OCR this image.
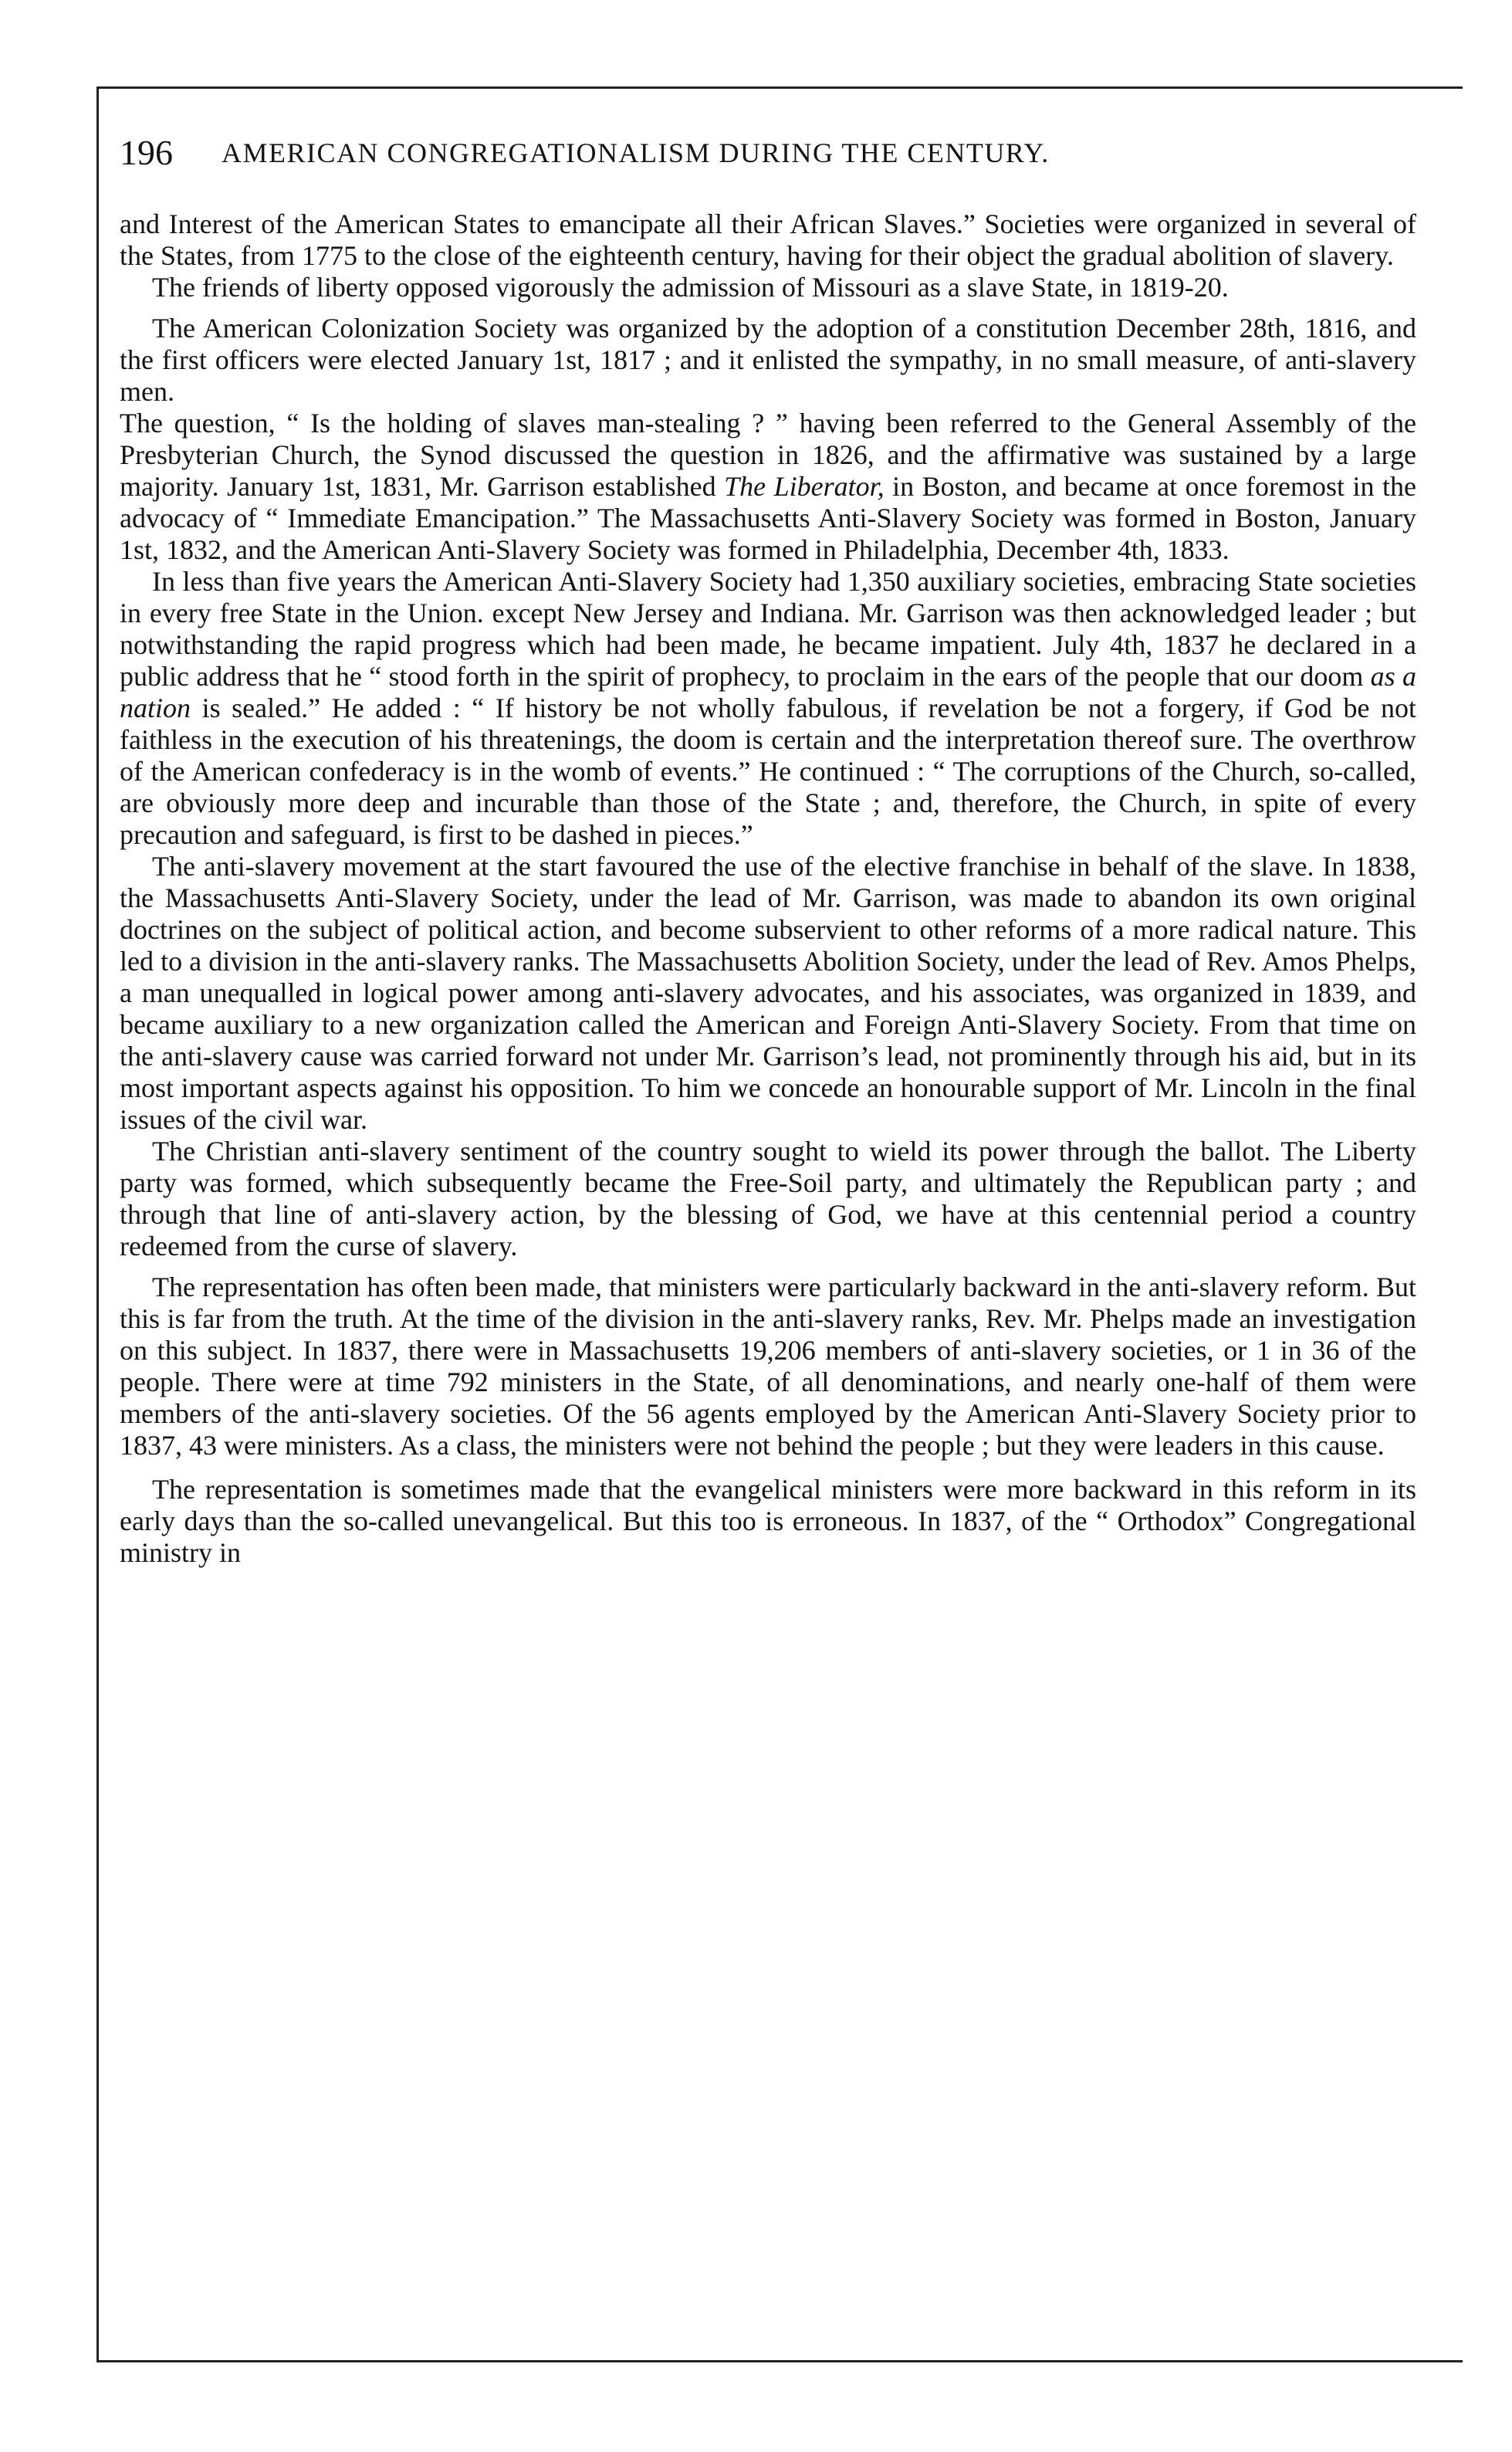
196 AMERICAN CONGREGATIONALISM DURING THE CENTURY.

and Interest of the American States to emancipate all their African Slaves.” Societies were organized in several of the States, from 1775 to the close of the eighteenth century, having for their object the gradual abolition of slavery.

The friends of liberty opposed vigorously the admission of Missouri as a slave State, in 1819-20.

The American Colonization Society was organized by the adoption of a constitution December 28th, 1816, and the first officers were elected January 1st, 1817 ; and it enlisted the sympathy, in no small measure, of anti-slavery men.

The question, “ Is the holding of slaves man-stealing ? ” having been referred to the General Assembly of the Presbyterian Church, the Synod discussed the question in 1826, and the affirmative was sustained by a large majority. January 1st, 1831, Mr. Garrison established The Liberator, in Boston, and became at once foremost in the advocacy of “ Immediate Emancipation.” The Massachusetts Anti-Slavery Society was formed in Boston, January 1st, 1832, and the American Anti-Slavery Society was formed in Philadelphia, December 4th, 1833.

In less than five years the American Anti-Slavery Society had 1,350 auxiliary societies, embracing State societies in every free State in the Union. except New Jersey and Indiana. Mr. Garrison was then acknowledged leader ; but notwithstanding the rapid progress which had been made, he became impatient. July 4th, 1837 he declared in a public address that he “ stood forth in the spirit of prophecy, to proclaim in the ears of the people that our doom as a nation is sealed.” He added : “ If history be not wholly fabulous, if revelation be not a forgery, if God be not faithless in the execution of his threatenings, the doom is certain and the interpretation thereof sure. The overthrow of the American confederacy is in the womb of events.” He continued : “ The corruptions of the Church, so-called, are obviously more deep and incurable than those of the State ; and, therefore, the Church, in spite of every precaution and safeguard, is first to be dashed in pieces.”

The anti-slavery movement at the start favoured the use of the elective franchise in behalf of the slave. In 1838, the Massachusetts Anti-Slavery Society, under the lead of Mr. Garrison, was made to abandon its own original doctrines on the subject of political action, and become subservient to other reforms of a more radical nature. This led to a division in the anti-slavery ranks. The Massachusetts Abolition Society, under the lead of Rev. Amos Phelps, a man unequalled in logical power among anti-slavery advocates, and his associates, was organized in 1839, and became auxiliary to a new organization called the American and Foreign Anti-Slavery Society. From that time on the anti-slavery cause was carried forward not under Mr. Garrison’s lead, not prominently through his aid, but in its most important aspects against his opposition. To him we concede an honourable support of Mr. Lincoln in the final issues of the civil war.

The Christian anti-slavery sentiment of the country sought to wield its power through the ballot. The Liberty party was formed, which subsequently became the Free-Soil party, and ultimately the Republican party ; and through that line of anti-slavery action, by the blessing of God, we have at this centennial period a country redeemed from the curse of slavery.

The representation has often been made, that ministers were particularly backward in the anti-slavery reform. But this is far from the truth. At the time of the division in the anti-slavery ranks, Rev. Mr. Phelps made an investigation on this subject. In 1837, there were in Massachusetts 19,206 members of anti-slavery societies, or 1 in 36 of the people. There were at time 792 ministers in the State, of all denominations, and nearly one-half of them were members of the anti-slavery societies. Of the 56 agents employed by the American Anti-Slavery Society prior to 1837, 43 were ministers. As a class, the ministers were not behind the people ; but they were leaders in this cause.

The representation is sometimes made that the evangelical ministers were more backward in this reform in its early days than the so-called unevangelical. But this too is erroneous. In 1837, of the “ Orthodox” Congregational ministry in
